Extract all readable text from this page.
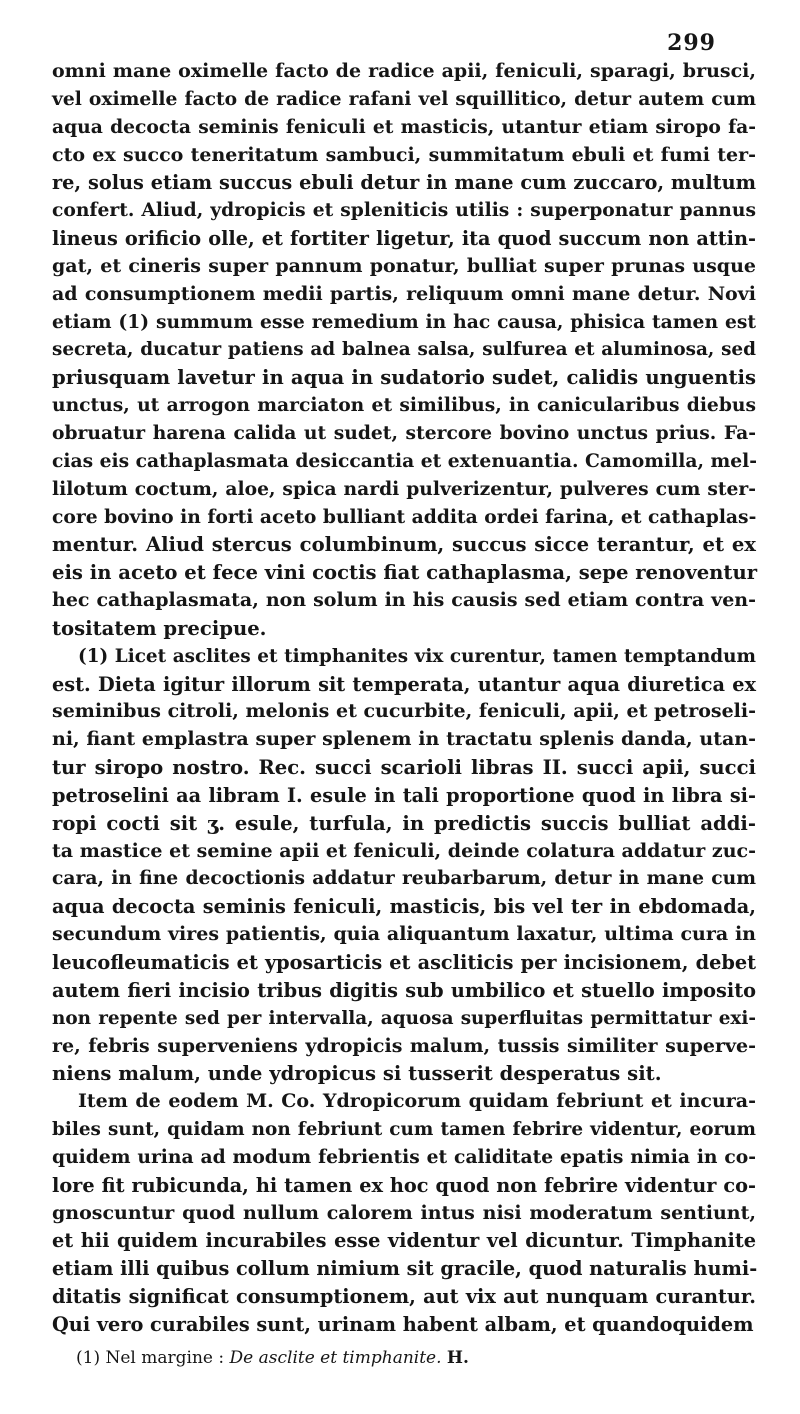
299
omni mane oximelle facto de radice apii, feniculi, sparagi, brusci,
vel oximelle facto de radice rafani vel squillitico, detur autem cum
aqua decocta seminis feniculi et masticis, utantur etiam siropo fa-
cto ex succo teneritatum sambuci, summitatum ebuli et fumi ter-
re, solus etiam succus ebuli detur in mane cum zuccaro, multum
confert. Aliud, ydropicis et spleniticis utilis : superponatur pannus
lineus orificio olle, et fortiter ligetur, ita quod succum non attin-
gat, et cineris super pannum ponatur, bulliat super prunas usque
ad consumptionem medii partis, reliquum omni mane detur. Novi
etiam (1) summum esse remedium in hac causa, phisica tamen est
secreta, ducatur patiens ad balnea salsa, sulfurea et aluminosa, sed
priusquam lavetur in aqua in sudatorio sudet, calidis unguentis
unctus, ut arrogon marciaton et similibus, in canicularibus diebus
obruatur harena calida ut sudet, stercore bovino unctus prius. Fa-
cias eis cathaplasmata desiccantia et extenuantia. Camomilla, mel-
lilotum coctum, aloe, spica nardi pulverizentur, pulveres cum ster-
core bovino in forti aceto bulliant addita ordei farina, et cathaplas-
mentur. Aliud stercus columbinum, succus sicce terantur, et ex
eis in aceto et fece vini coctis fiat cathaplasma, sepe renoventur
hec cathaplasmata, non solum in his causis sed etiam contra ven-
tositatem precipue.
(1) Licet asclites et timphanites vix curentur, tamen temptandum
est. Dieta igitur illorum sit temperata, utantur aqua diuretica ex
seminibus citroli, melonis et cucurbite, feniculi, apii, et petroseli-
ni, fiant emplastra super splenem in tractatu splenis danda, utan-
tur siropo nostro. Rec. succi scarioli libras II. succi apii, succi
petroselini aa libram I. esule in tali proportione quod in libra si-
ropi cocti sit ʒ. esule, turfula, in predictis succis bulliat addi-
ta mastice et semine apii et feniculi, deinde colatura addatur zuc-
cara, in fine decoctionis addatur reubarbarum, detur in mane cum
aqua decocta seminis feniculi, masticis, bis vel ter in ebdomada,
secundum vires patientis, quia aliquantum laxatur, ultima cura in
leucofleumaticis et yposarticis et ascliticis per incisionem, debet
autem fieri incisio tribus digitis sub umbilico et stuello imposito
non repente sed per intervalla, aquosa superfluitas permittatur exi-
re, febris superveniens ydropicis malum, tussis similiter superve-
niens malum, unde ydropicus si tusserit desperatus sit.
Item de eodem M. Co. Ydropicorum quidam febriunt et incura-
biles sunt, quidam non febriunt cum tamen febrire videntur, eorum
quidem urina ad modum febrientis et caliditate epatis nimia in co-
lore fit rubicunda, hi tamen ex hoc quod non febrire videntur co-
gnoscuntur quod nullum calorem intus nisi moderatum sentiunt,
et hii quidem incurabiles esse videntur vel dicuntur. Timphanite
etiam illi quibus collum nimium sit gracile, quod naturalis humi-
ditatis significat consumptionem, aut vix aut nunquam curantur.
Qui vero curabiles sunt, urinam habent albam, et quandoquidem
(1) Nel margine : De asclite et timphanite. H.
